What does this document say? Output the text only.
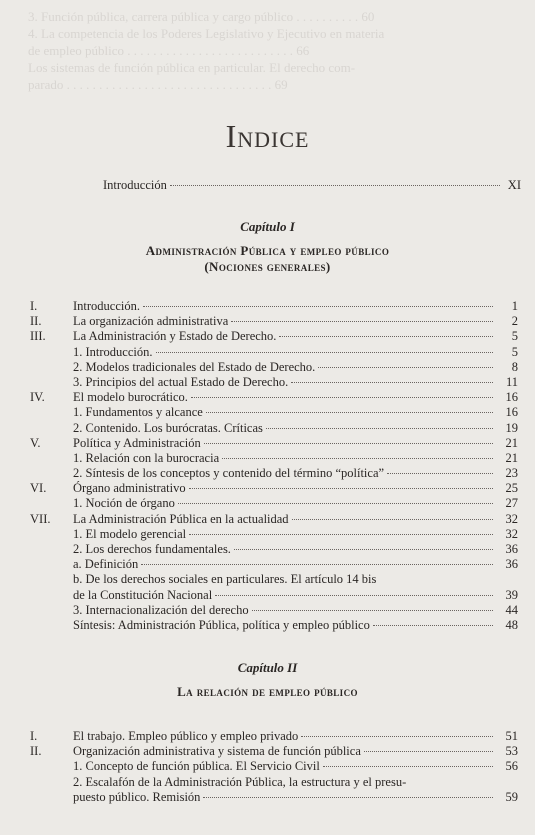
3. Función pública, carrera pública y cargo público . . . . . . . . . . 60
4. La competencia de los Poderes Legislativo y Ejecutivo en materia
de empleo público . . . . . . . . . . . . . . . . . . . . . . . . . . 66
Los sistemas de función pública en particular. El derecho com-
parado . . . . . . . . . . . . . . . . . . . . . . . . . . . . . . . . 69
Indice
Introducción	XI
Capítulo I
Administración Pública y empleo público
(Nociones generales)
I.	Introducción.	1
II.	La organización administrativa	2
III.	La Administración y Estado de Derecho.	5
1. Introducción.	5
2. Modelos tradicionales del Estado de Derecho.	8
3. Principios del actual Estado de Derecho.	11
IV.	El modelo burocrático.	16
1. Fundamentos y alcance	16
2. Contenido. Los burócratas. Críticas	19
V.	Política y Administración	21
1. Relación con la burocracia	21
2. Síntesis de los conceptos y contenido del término “política”	23
VI.	Órgano administrativo	25
1. Noción de órgano	27
VII.	La Administración Pública en la actualidad	32
1. El modelo gerencial	32
2. Los derechos fundamentales.	36
a. Definición	36
b. De los derechos sociales en particulares. El artículo 14 bis
de la Constitución Nacional	39
3. Internacionalización del derecho	44
Síntesis: Administración Pública, política y empleo público	48
Capítulo II
La relación de empleo público
I.	El trabajo. Empleo público y empleo privado	51
II.	Organización administrativa y sistema de función pública	53
1. Concepto de función pública. El Servicio Civil	56
2. Escalafón de la Administración Pública, la estructura y el presu-
puesto público. Remisión	59
